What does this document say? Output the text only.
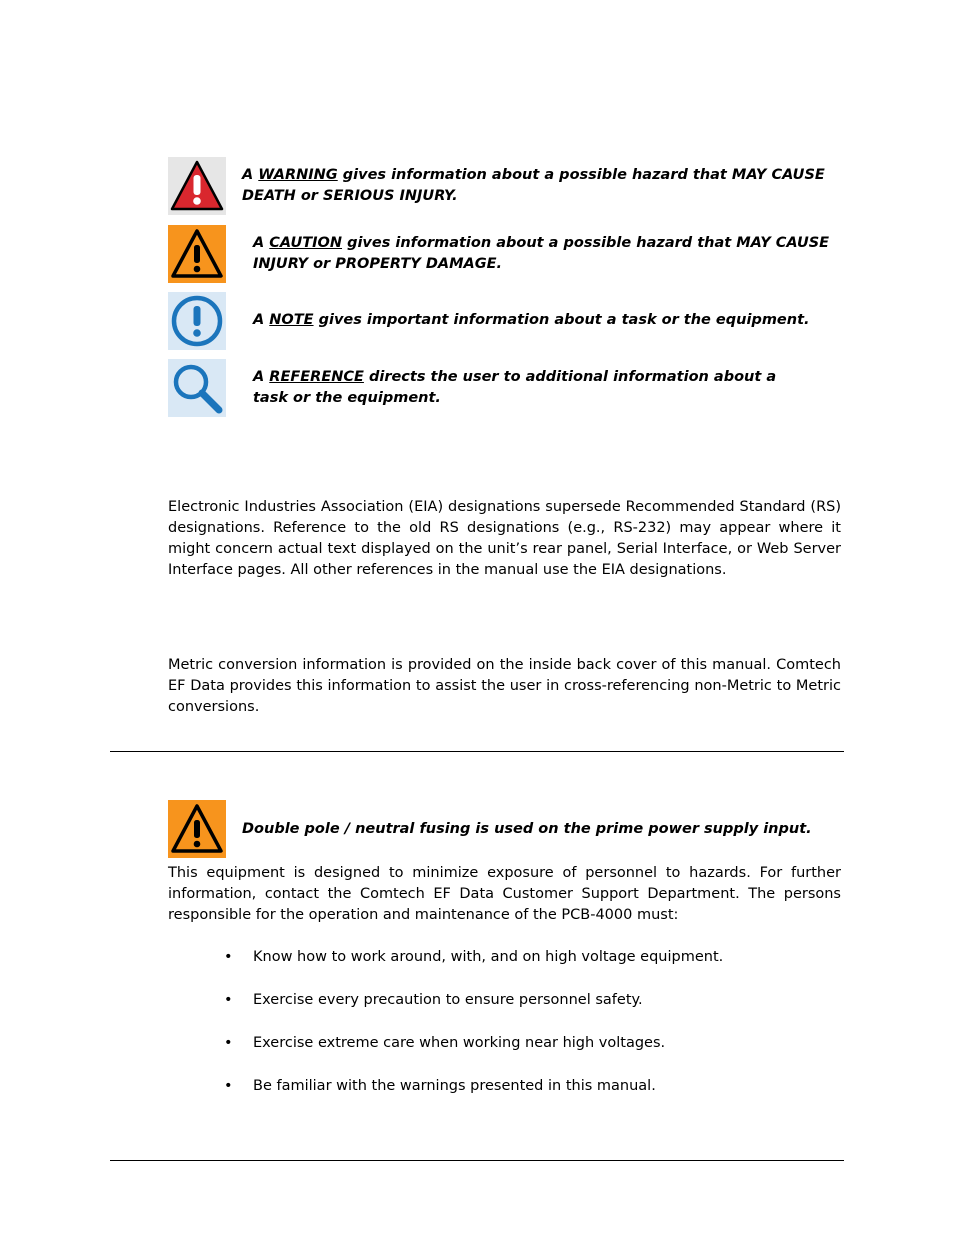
A WARNING gives information about a possible hazard that MAY CAUSE DEATH or SERIOUS INJURY.
A CAUTION gives information about a possible hazard that MAY CAUSE INJURY or PROPERTY DAMAGE.
A NOTE gives important information about a task or the equipment.
A REFERENCE directs the user to additional information about a task or the equipment.
Electronic Industries Association (EIA) designations supersede Recommended Standard (RS) designations. Reference to the old RS designations (e.g., RS-232) may appear where it might concern actual text displayed on the unit’s rear panel, Serial Interface, or Web Server Interface pages. All other references in the manual use the EIA designations.
Metric conversion information is provided on the inside back cover of this manual. Comtech EF Data provides this information to assist the user in cross-referencing non-Metric to Metric conversions.
Double pole / neutral fusing is used on the prime power supply input.
This equipment is designed to minimize exposure of personnel to hazards. For further information, contact the Comtech EF Data Customer Support Department. The persons responsible for the operation and maintenance of the PCB-4000 must:
• Know how to work around, with, and on high voltage equipment.
• Exercise every precaution to ensure personnel safety.
• Exercise extreme care when working near high voltages.
• Be familiar with the warnings presented in this manual.
